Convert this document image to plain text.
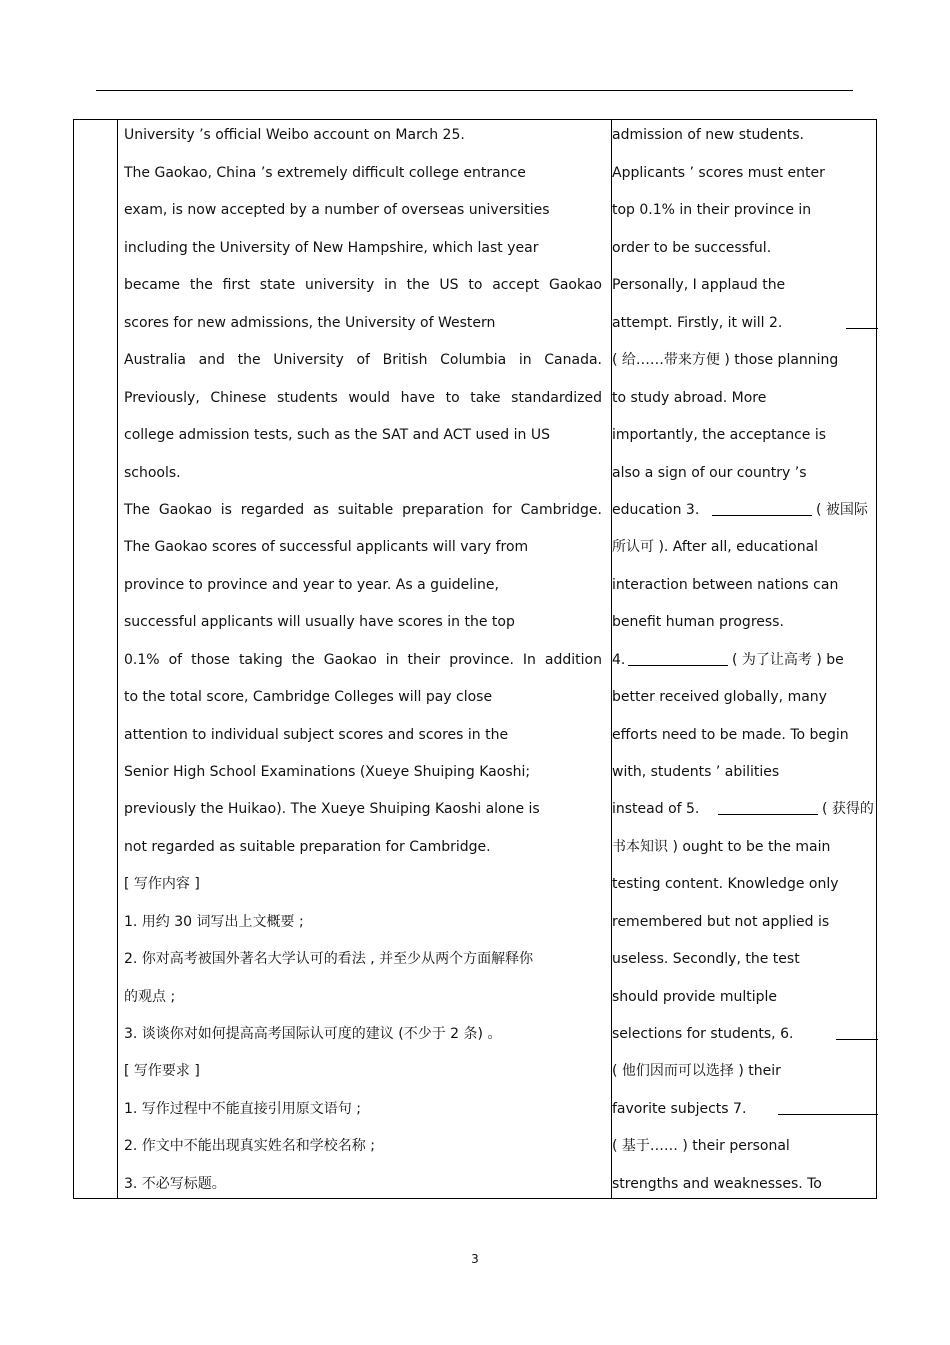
University ’s official Weibo account on March 25.
The Gaokao, China ’s extremely difficult college entrance
exam, is now accepted by a number of overseas universities
including the University of New Hampshire, which last year
became the first state university in the US to accept Gaokao
scores for new admissions, the University of Western
Australia and the University of British Columbia in Canada.
Previously, Chinese students would have to take standardized
college admission tests, such as the SAT and ACT used in US
schools.
The Gaokao is regarded as suitable preparation for Cambridge.
The Gaokao scores of successful applicants will vary from
province to province and year to year. As a guideline,
successful applicants will usually have scores in the top
0.1% of those taking the Gaokao in their province. In addition
to the total score, Cambridge Colleges will pay close
attention to individual subject scores and scores in the
Senior High School Examinations (Xueye Shuiping Kaoshi;
previously the Huikao). The Xueye Shuiping Kaoshi alone is
not regarded as suitable preparation for Cambridge.
[ 写作内容 ]
1. 用约 30 词写出上文概要 ;
2. 你对高考被国外著名大学认可的看法 , 并至少从两个方面解释你
的观点 ;
3. 谈谈你对如何提高高考国际认可度的建议 (不少于 2 条) 。
[ 写作要求 ]
1. 写作过程中不能直接引用原文语句 ;
2. 作文中不能出现真实姓名和学校名称 ;
3. 不必写标题。
admission of new students.
Applicants ’ scores must enter
top 0.1% in their province in
order to be successful.
Personally, I applaud the
attempt. Firstly, it will 2.
( 给……带来方便 ) those planning
to study abroad. More
importantly, the acceptance is
also a sign of our country ’s
education 3.	( 被国际
所认可 ). After all, educational
interaction between nations can
benefit human progress.
4.	( 为了让高考 ) be
better received globally, many
efforts need to be made. To begin
with, students ’ abilities
instead of 5.	( 获得的
书本知识 ) ought to be the main
testing content. Knowledge only
remembered but not applied is
useless. Secondly, the test
should provide multiple
selections for students, 6.
( 他们因而可以选择 ) their
favorite subjects 7.
( 基于…… ) their personal
strengths and weaknesses. To
3
